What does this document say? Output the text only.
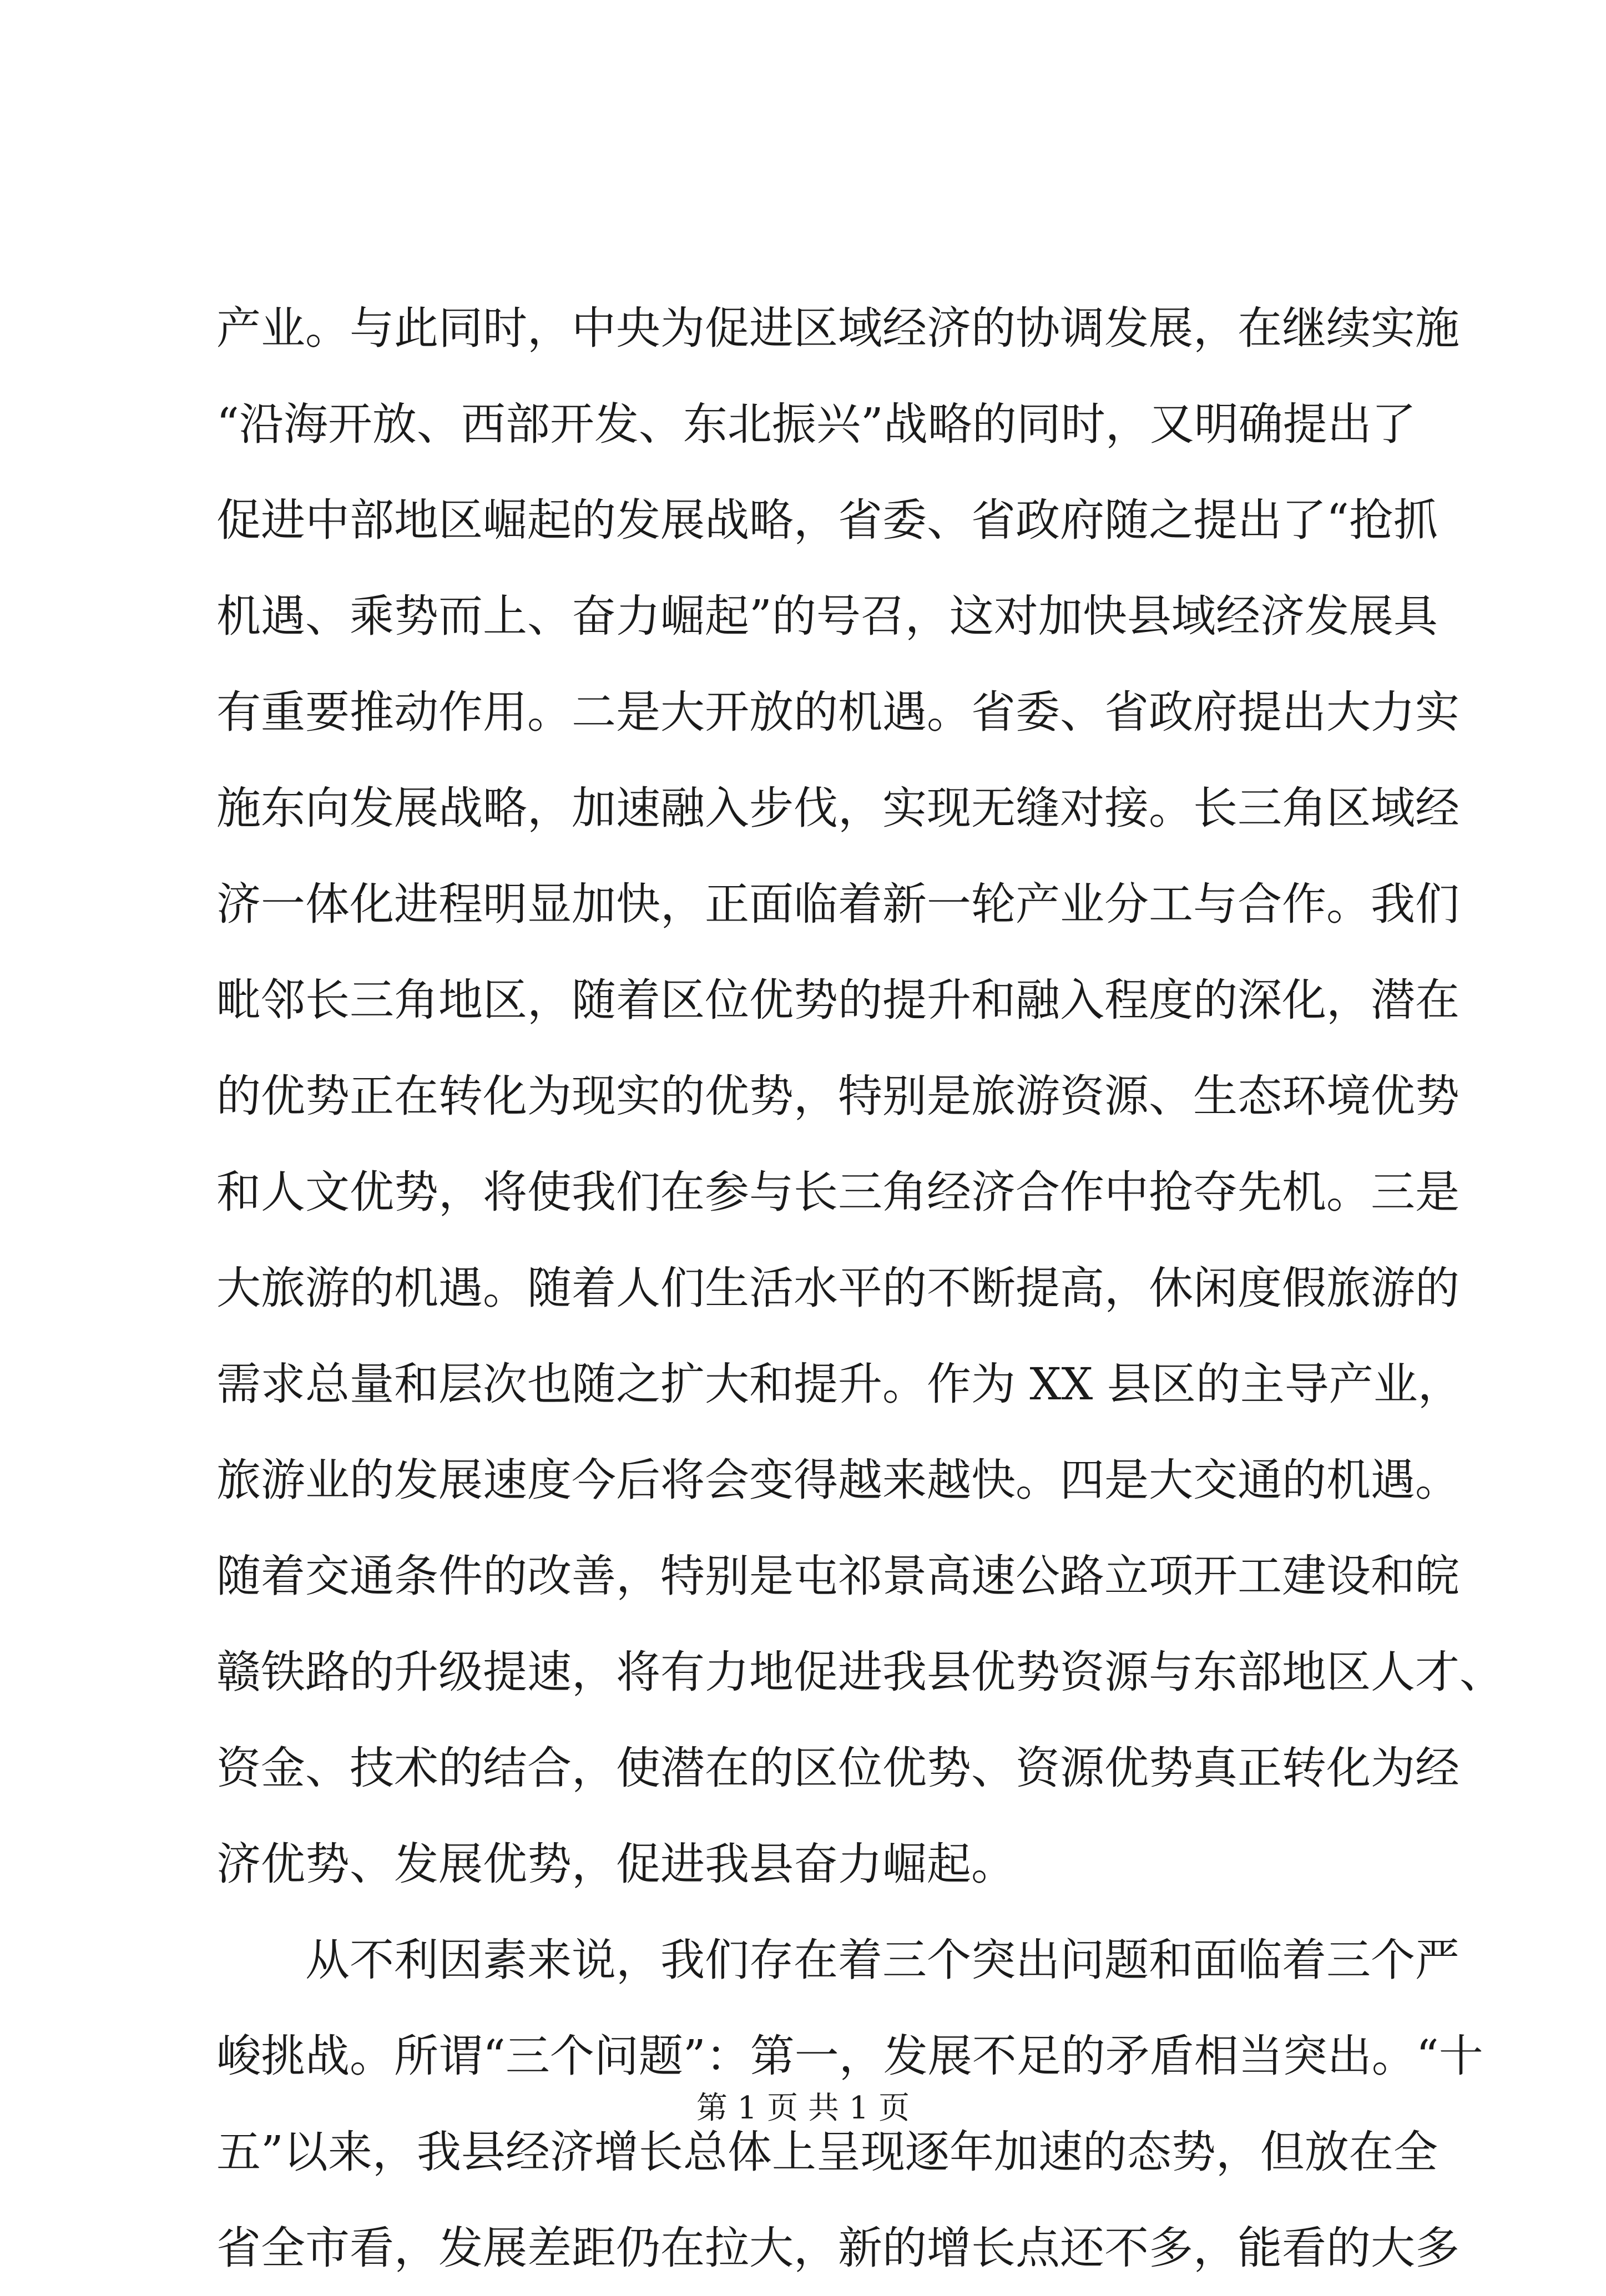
产业。与此同时，中央为促进区域经济的协调发展，在继续实施
“沿海开放、西部开发、东北振兴”战略的同时，又明确提出了
促进中部地区崛起的发展战略，省委、省政府随之提出了“抢抓
机遇、乘势而上、奋力崛起”的号召，这对加快县域经济发展具
有重要推动作用。二是大开放的机遇。省委、省政府提出大力实
施东向发展战略，加速融入步伐，实现无缝对接。长三角区域经
济一体化进程明显加快，正面临着新一轮产业分工与合作。我们
毗邻长三角地区，随着区位优势的提升和融入程度的深化，潜在
的优势正在转化为现实的优势，特别是旅游资源、生态环境优势
和人文优势，将使我们在参与长三角经济合作中抢夺先机。三是
大旅游的机遇。随着人们生活水平的不断提高，休闲度假旅游的
需求总量和层次也随之扩大和提升。作为 XX 县区的主导产业，
旅游业的发展速度今后将会变得越来越快。四是大交通的机遇。
随着交通条件的改善，特别是屯祁景高速公路立项开工建设和皖
赣铁路的升级提速，将有力地促进我县优势资源与东部地区人才、
资金、技术的结合，使潜在的区位优势、资源优势真正转化为经
济优势、发展优势，促进我县奋力崛起。
从不利因素来说，我们存在着三个突出问题和面临着三个严
峻挑战。所谓“三个问题”：第一，发展不足的矛盾相当突出。“十
五”以来，我县经济增长总体上呈现逐年加速的态势，但放在全
省全市看，发展差距仍在拉大，新的增长点还不多，能看的大多
第 1 页 共 1 页
